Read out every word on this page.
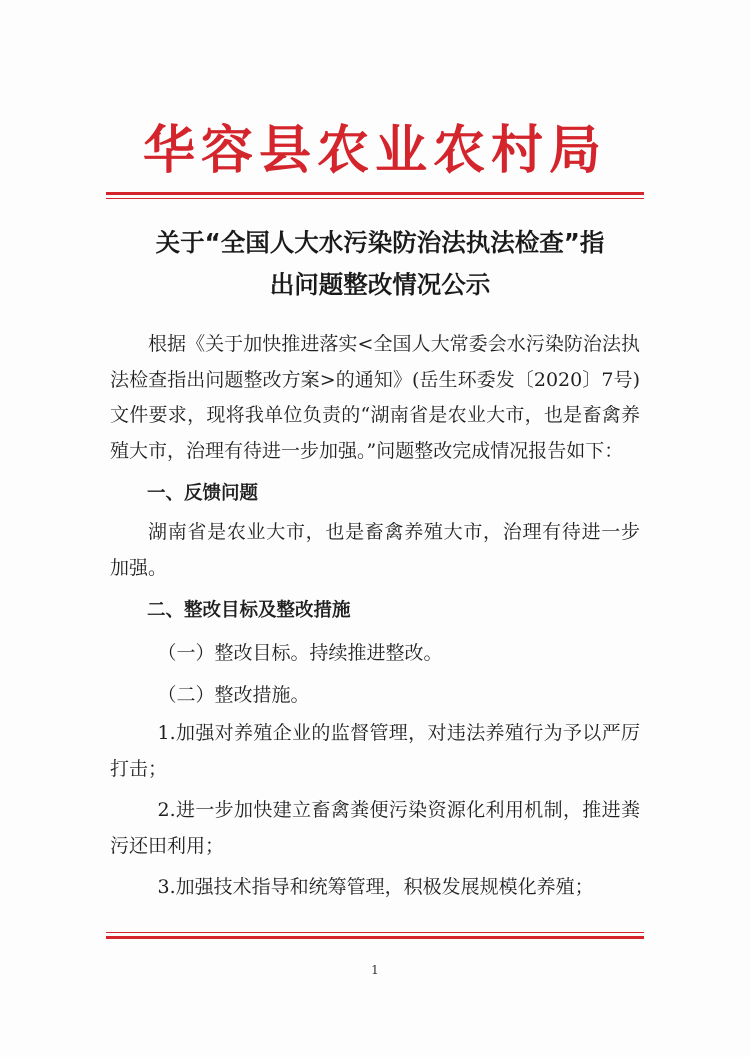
华容县农业农村局
关于“全国人大水污染防治法执法检查”指
出问题整改情况公示

根据《关于加快推进落实<全国人大常委会水污染防治法执法检查指出问题整改方案>的通知》(岳生环委发〔2020〕7号)文件要求，现将我单位负责的“湖南省是农业大市，也是畜禽养殖大市，治理有待进一步加强。”问题整改完成情况报告如下：

一、反馈问题

湖南省是农业大市，也是畜禽养殖大市，治理有待进一步加强。

二、整改目标及整改措施

（一）整改目标。持续推进整改。

（二）整改措施。

1.加强对养殖企业的监督管理，对违法养殖行为予以严厉打击；

2.进一步加快建立畜禽粪便污染资源化利用机制，推进粪污还田利用；

3.加强技术指导和统筹管理，积极发展规模化养殖；

1
